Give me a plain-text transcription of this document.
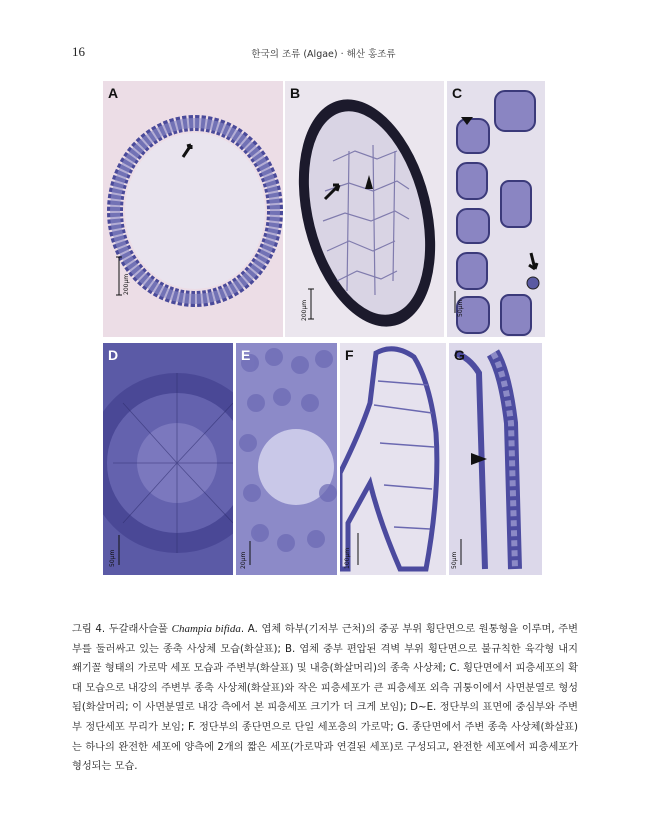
16	한국의 조류 (Algae) · 해산 홍조류
A
200μm
B
200μm
C
50μm
D
50μm
E
20μm
F
100μm
G
50μm
그림 4. 두갈래사슬풀 Champia bifida. A. 엽체 하부(기저부 근처)의 중공 부위 횡단면으로 원통형을 이루며, 주변부를 둘러싸고 있는 종축 사상체 모습(화살표); B. 엽체 중부 편압된 격벽 부위 횡단면으로 불규칙한 육각형 내지 쐐기꼴 형태의 가로막 세포 모습과 주변부(화살표) 및 내층(화살머리)의 종축 사상체; C. 횡단면에서 피층세포의 확대 모습으로 내강의 주변부 종축 사상체(화살표)와 작은 피층세포가 큰 피층세포 외측 귀퉁이에서 사면분열로 형성됨(화살머리; 이 사면분열로 내강 측에서 본 피층세포 크기가 더 크게 보임); D~E. 정단부의 표면에 중심부와 주변부 정단세포 무리가 보임; F. 정단부의 종단면으로 단일 세포층의 가로막; G. 종단면에서 주변 종축 사상체(화살표)는 하나의 완전한 세포에 양측에 2개의 짧은 세포(가로막과 연결된 세포)로 구성되고, 완전한 세포에서 피층세포가 형성되는 모습.
